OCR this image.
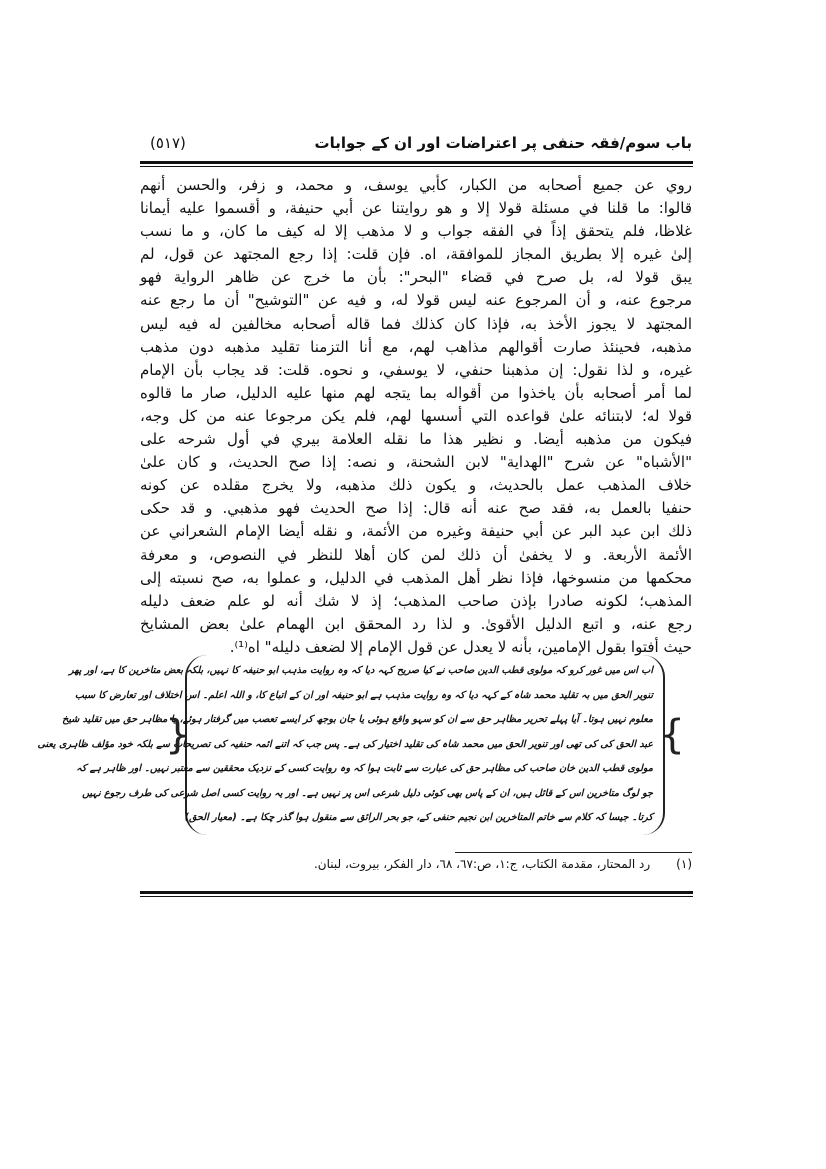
باب سوم/فقہ حنفی پر اعتراضات اور ان کے جوابات
(٥١٧)
روي عن جميع أصحابه من الكبار، كأبي يوسف، و محمد، و زفر، والحسن أنهم
قالوا: ما قلنا في مسئلة قولا إلا و هو روايتنا عن أبي حنيفة، و أقسموا عليه أيمانا
غلاظا، فلم يتحقق إذاً في الفقه جواب و لا مذهب إلا له كيف ما كان، و ما نسب
إلىٰ غيره إلا بطريق المجاز للموافقة، اه. فإن قلت: إذا رجع المجتهد عن قول، لم
يبق قولا له، بل صرح في قضاء "البحر": بأن ما خرج عن ظاهر الرواية فهو
مرجوع عنه، و أن المرجوع عنه ليس قولا له، و فيه عن "التوشيح" أن ما رجع عنه
المجتهد لا يجوز الأخذ به، فإذا كان كذلك فما قاله أصحابه مخالفين له فيه ليس
مذهبه، فحينئذ صارت أقوالهم مذاهب لهم، مع أنا التزمنا تقليد مذهبه دون مذهب
غيره، و لذا نقول: إن مذهبنا حنفي، لا يوسفي، و نحوه. قلت: قد يجاب بأن الإمام
لما أمر أصحابه بأن ياخذوا من أقواله بما يتجه لهم منها عليه الدليل، صار ما قالوه
قولا له؛ لابتنائه علىٰ قواعده التي أسسها لهم، فلم يكن مرجوعا عنه من كل وجه،
فيكون من مذهبه أيضا. و نظير هذا ما نقله العلامة بيري في أول شرحه على
"الأشباه" عن شرح "الهداية" لابن الشحنة، و نصه: إذا صح الحديث، و كان علىٰ
خلاف المذهب عمل بالحديث، و يكون ذلك مذهبه، ولا يخرج مقلده عن كونه
حنفيا بالعمل به، فقد صح عنه أنه قال: إذا صح الحديث فهو مذهبي. و قد حكى
ذلك ابن عبد البر عن أبي حنيفة وغيره من الأئمة، و نقله أيضا الإمام الشعراني عن
الأئمة الأربعة. و لا يخفىٰ أن ذلك لمن كان أهلا للنظر في النصوص، و معرفة
محكمها من منسوخها، فإذا نظر أهل المذهب في الدليل، و عملوا به، صح نسبته إلى
المذهب؛ لكونه صادرا بإذن صاحب المذهب؛ إذ لا شك أنه لو علم ضعف دليله
رجع عنه، و اتبع الدليل الأقوىٰ. و لذا رد المحقق ابن الهمام علىٰ بعض المشايخ
حيث أفتوا بقول الإمامين، بأنه لا يعدل عن قول الإمام إلا لضعف دليله" اه⁽¹⁾.
{	}
اب اس میں غور کرو کہ مولوی قطب الدین صاحب نے کیا صریح کہہ دیا کہ وہ روایت مذہب ابو حنیفہ کا نہیں، بلکہ بعض متاخرین کا ہے، اور پھر
تنویر الحق میں بہ تقلید محمد شاہ کے کہہ دیا کہ وہ روایت مذہب ہے ابو حنیفہ اور ان کے اتباع کا، و اللہ اعلم۔ اس اختلاف اور تعارض کا سبب
معلوم نہیں ہوتا۔ آیا پہلے تحریر مظاہر حق سے ان کو سہو واقع ہوئی یا جان بوجھ کر ایسے تعصب میں گرفتار ہوئے، یا مظاہر حق میں تقلید شیخ
عبد الحق کی کی تھی اور تنویر الحق میں محمد شاہ کی تقلید اختیار کی ہے۔ پس جب کہ اتنے ائمہ حنفیہ کی تصریحات سے بلکہ خود مؤلف ظاہری یعنی
مولوی قطب الدین خان صاحب کی مظاہر حق کی عبارت سے ثابت ہوا کہ وہ روایت کسی کے نزدیک محققین سے معتبر نہیں۔ اور ظاہر ہے کہ
جو لوگ متاخرین اس کے قائل ہیں، ان کے پاس بھی کوئی دلیل شرعی اس پر نہیں ہے۔ اور یہ روایت کسی اصل شرعی کی طرف رجوع نہیں
کرتا۔ جیسا کہ کلام سے خاتم المتاخرین ابن نجیم حنفی کے، جو بحر الرائق سے منقول ہوا گذر چکا ہے۔ (معیار الحق)
(١) رد المحتار، مقدمة الكتاب، ج:١، ص:٦٧، ٦٨، دار الفكر، بيروت، لبنان.
